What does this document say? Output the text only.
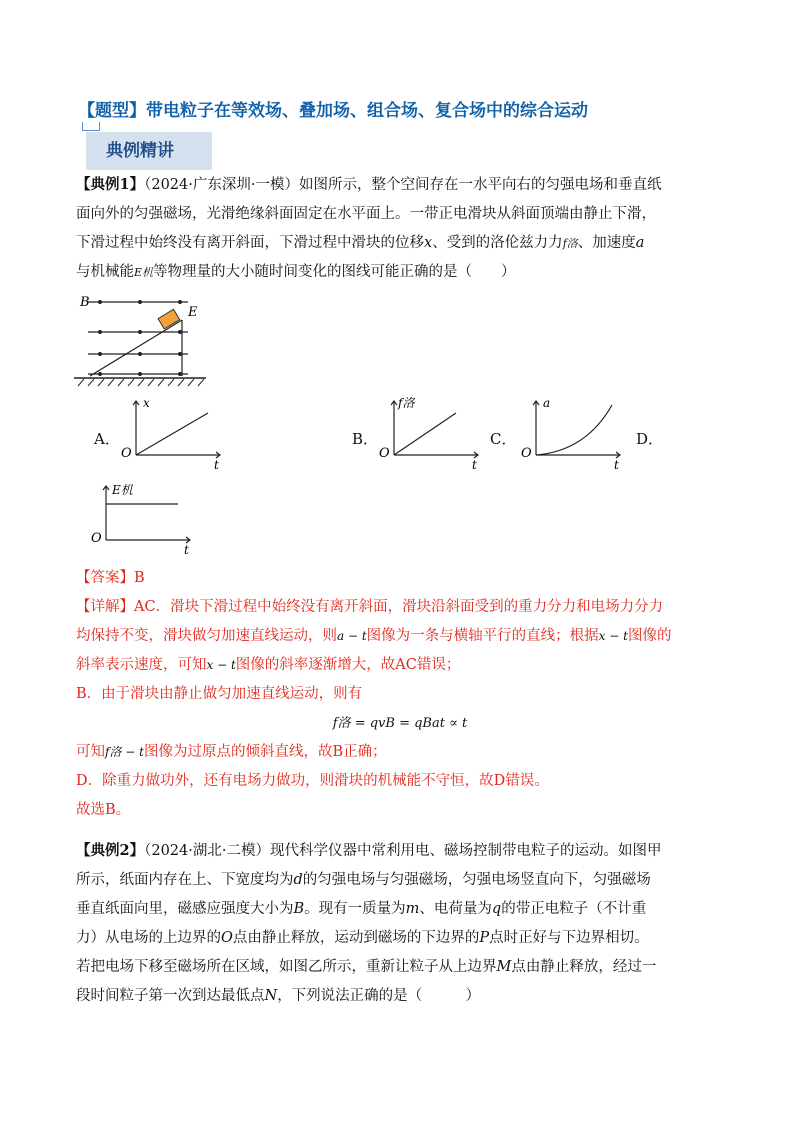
【题型】带电粒子在等效场、叠加场、组合场、复合场中的综合运动
典例精讲

【典例1】（2024·广东深圳·一模）如图所示，整个空间存在一水平向右的匀强电场和垂直纸

面向外的匀强磁场，光滑绝缘斜面固定在水平面上。一带正电滑块从斜面顶端由静止下滑，

下滑过程中始终没有离开斜面，下滑过程中滑块的位移x、受到的洛伦兹力力f洛、加速度a

与机械能E机等物理量的大小随时间变化的图线可能正确的是（　　）

B
E
A．
x
O
t
B．
f洛
O
t
C．
a
O
t
D．
E机
O
t

【答案】B

【详解】AC．滑块下滑过程中始终没有离开斜面，滑块沿斜面受到的重力分力和电场力分力

均保持不变，滑块做匀加速直线运动，则a − t图像为一条与横轴平行的直线；根据x − t图像的

斜率表示速度，可知x − t图像的斜率逐渐增大，故AC错误；

B．由于滑块由静止做匀加速直线运动，则有

f洛 = qvB = qBat ∝ t

可知f洛 − t图像为过原点的倾斜直线，故B正确；

D．除重力做功外，还有电场力做功，则滑块的机械能不守恒，故D错误。

故选B。

【典例2】（2024·湖北·二模）现代科学仪器中常利用电、磁场控制带电粒子的运动。如图甲

所示，纸面内存在上、下宽度均为d的匀强电场与匀强磁场，匀强电场竖直向下，匀强磁场

垂直纸面向里，磁感应强度大小为B。现有一质量为m、电荷量为q的带正电粒子（不计重

力）从电场的上边界的O点由静止释放，运动到磁场的下边界的P点时正好与下边界相切。

若把电场下移至磁场所在区域，如图乙所示，重新让粒子从上边界M点由静止释放，经过一

段时间粒子第一次到达最低点N，下列说法正确的是（　　　）
